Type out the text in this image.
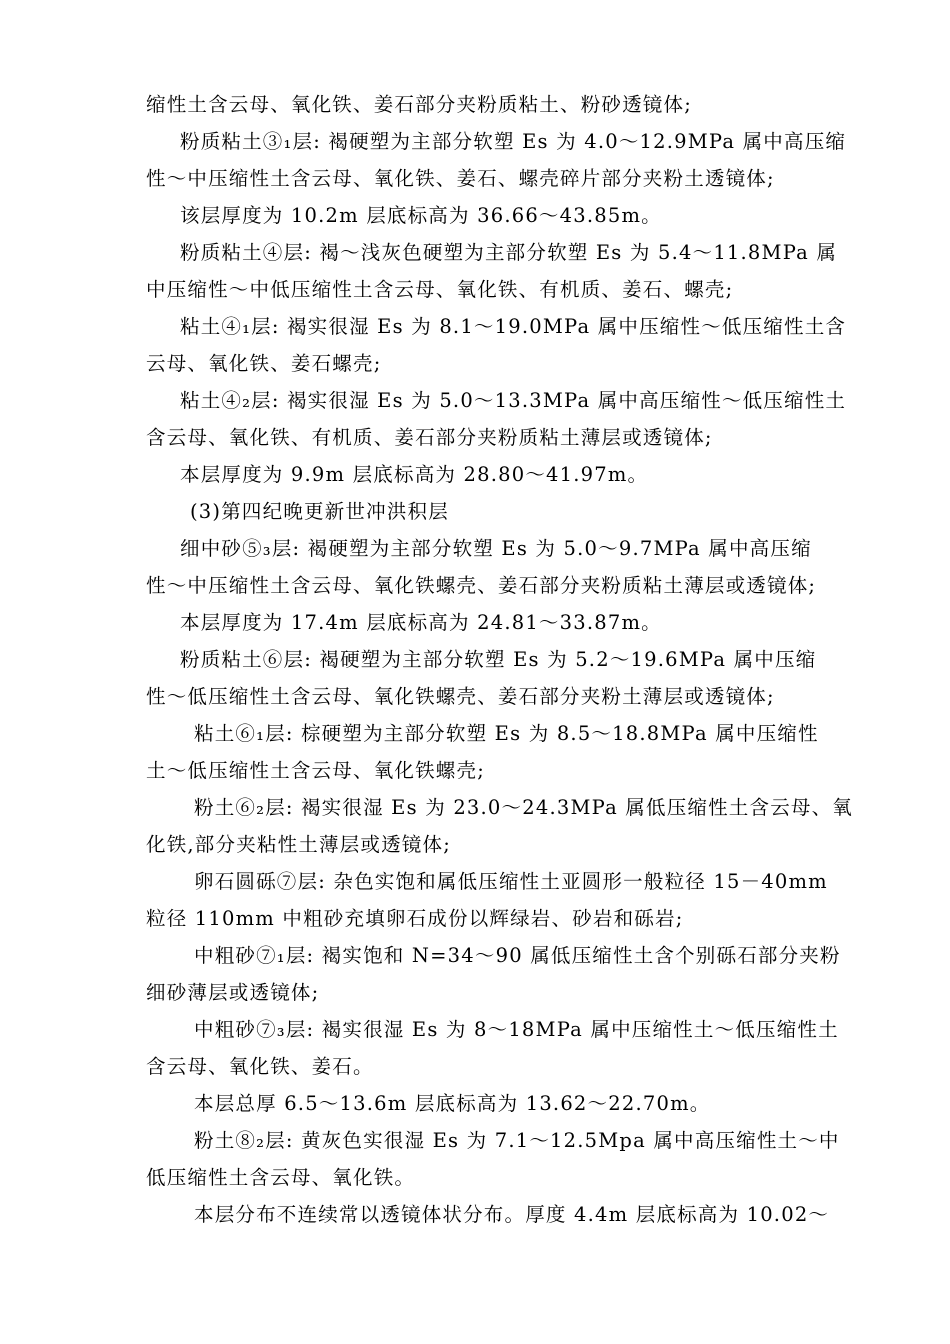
缩性土含云母、氧化铁、姜石部分夹粉质粘土、粉砂透镜体;
粉质粘土③₁层: 褐硬塑为主部分软塑 Es 为 4.0～12.9MPa 属中高压缩
性～中压缩性土含云母、氧化铁、姜石、螺壳碎片部分夹粉土透镜体;
该层厚度为 10.2m 层底标高为 36.66～43.85m。
粉质粘土④层: 褐～浅灰色硬塑为主部分软塑 Es 为 5.4～11.8MPa 属
中压缩性～中低压缩性土含云母、氧化铁、有机质、姜石、螺壳;
粘土④₁层: 褐实很湿 Es 为 8.1～19.0MPa 属中压缩性～低压缩性土含
云母、氧化铁、姜石螺壳;
粘土④₂层: 褐实很湿 Es 为 5.0～13.3MPa 属中高压缩性～低压缩性土
含云母、氧化铁、有机质、姜石部分夹粉质粘土薄层或透镜体;
本层厚度为 9.9m 层底标高为 28.80～41.97m。
(3)第四纪晚更新世冲洪积层
细中砂⑤₃层: 褐硬塑为主部分软塑 Es 为 5.0～9.7MPa 属中高压缩
性～中压缩性土含云母、氧化铁螺壳、姜石部分夹粉质粘土薄层或透镜体;
本层厚度为 17.4m 层底标高为 24.81～33.87m。
粉质粘土⑥层: 褐硬塑为主部分软塑 Es 为 5.2～19.6MPa 属中压缩
性～低压缩性土含云母、氧化铁螺壳、姜石部分夹粉土薄层或透镜体;
粘土⑥₁层: 棕硬塑为主部分软塑 Es 为 8.5～18.8MPa 属中压缩性
土～低压缩性土含云母、氧化铁螺壳;
粉土⑥₂层: 褐实很湿 Es 为 23.0～24.3MPa 属低压缩性土含云母、氧
化铁,部分夹粘性土薄层或透镜体;
卵石圆砾⑦层: 杂色实饱和属低压缩性土亚圆形一般粒径 15－40mm
粒径 110mm 中粗砂充填卵石成份以辉绿岩、砂岩和砾岩;
中粗砂⑦₁层: 褐实饱和 N=34～90 属低压缩性土含个别砾石部分夹粉
细砂薄层或透镜体;
中粗砂⑦₃层: 褐实很湿 Es 为 8～18MPa 属中压缩性土～低压缩性土
含云母、氧化铁、姜石。
本层总厚 6.5～13.6m 层底标高为 13.62～22.70m。
粉土⑧₂层: 黄灰色实很湿 Es 为 7.1～12.5Mpa 属中高压缩性土～中
低压缩性土含云母、氧化铁。
本层分布不连续常以透镜体状分布。厚度 4.4m 层底标高为 10.02～
